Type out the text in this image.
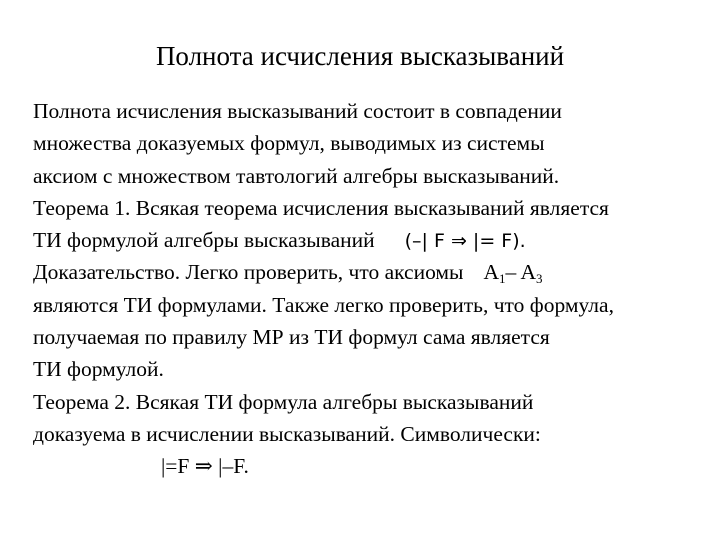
Полнота исчисления высказываний
Полнота исчисления высказываний состоит в совпадении
множества доказуемых формул, выводимых из системы
аксиом с множеством тавтологий алгебры высказываний.
Теорема 1. Всякая теорема исчисления высказываний является
ТИ формулой алгебры высказываний (–| F ⇒ |= F).
Доказательство. Легко проверить, что аксиомы $A_1-$ $A_3$
являются ТИ формулами. Также легко проверить, что формула,
получаемая по правилу МР из ТИ формул сама является
ТИ формулой.
Теорема 2. Всякая ТИ формула алгебры высказываний
доказуема в исчислении высказываний. Символически:
|=F ⇒ |–F.
